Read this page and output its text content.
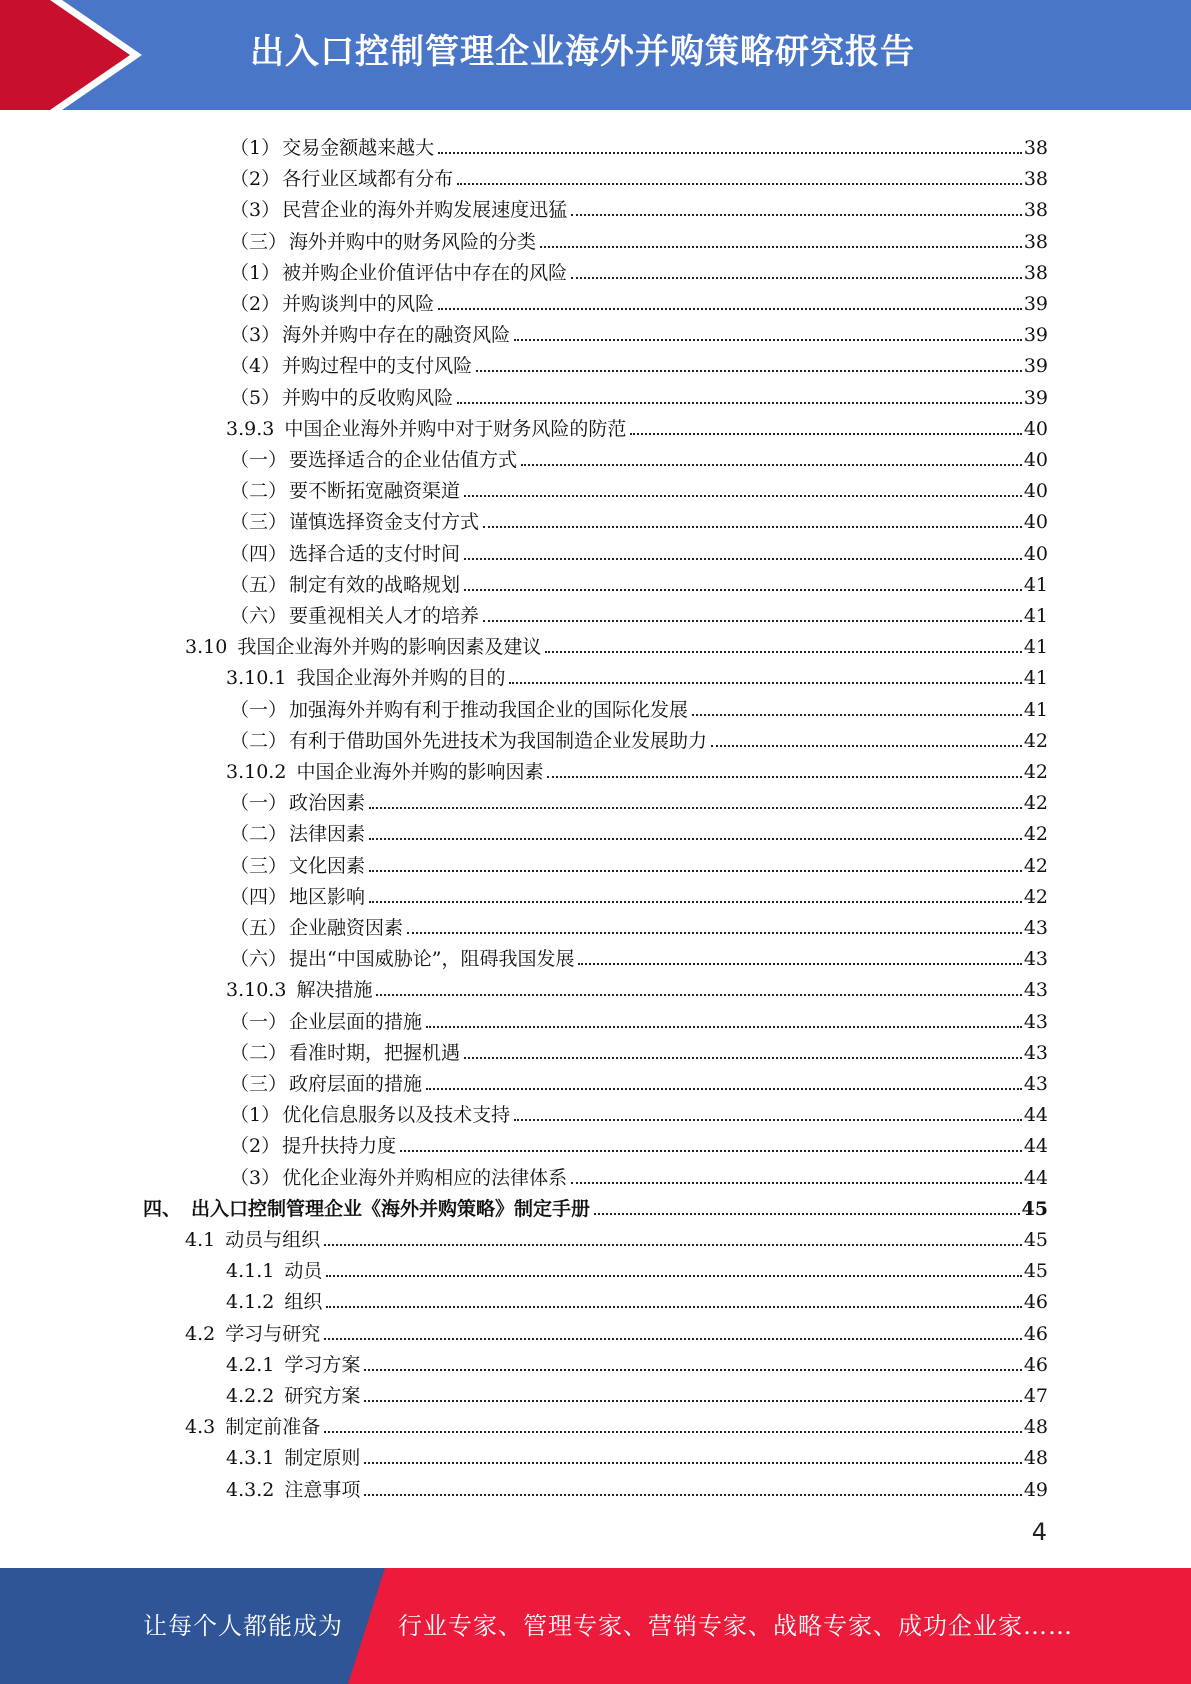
出入口控制管理企业海外并购策略研究报告
（1） 交易金额越来越大	38
（2） 各行业区域都有分布	38
（3） 民营企业的海外并购发展速度迅猛	38
（三） 海外并购中的财务风险的分类	38
（1） 被并购企业价值评估中存在的风险	38
（2） 并购谈判中的风险	39
（3） 海外并购中存在的融资风险	39
（4） 并购过程中的支付风险	39
（5） 并购中的反收购风险	39
3.9.3 中国企业海外并购中对于财务风险的防范	40
（一） 要选择适合的企业估值方式	40
（二） 要不断拓宽融资渠道	40
（三） 谨慎选择资金支付方式	40
（四） 选择合适的支付时间	40
（五） 制定有效的战略规划	41
（六） 要重视相关人才的培养	41
3.10 我国企业海外并购的影响因素及建议	41
3.10.1 我国企业海外并购的目的	41
（一） 加强海外并购有利于推动我国企业的国际化发展	41
（二） 有利于借助国外先进技术为我国制造企业发展助力	42
3.10.2 中国企业海外并购的影响因素	42
（一） 政治因素	42
（二） 法律因素	42
（三） 文化因素	42
（四） 地区影响	42
（五） 企业融资因素	43
（六） 提出“中国威胁论”，阻碍我国发展	43
3.10.3 解决措施	43
（一） 企业层面的措施	43
（二） 看准时期，把握机遇	43
（三） 政府层面的措施	43
（1） 优化信息服务以及技术支持	44
（2） 提升扶持力度	44
（3） 优化企业海外并购相应的法律体系	44
四、 出入口控制管理企业《海外并购策略》制定手册	45
4.1 动员与组织	45
4.1.1 动员	45
4.1.2 组织	46
4.2 学习与研究	46
4.2.1 学习方案	46
4.2.2 研究方案	47
4.3 制定前准备	48
4.3.1 制定原则	48
4.3.2 注意事项	49
4
让每个人都能成为 行业专家、管理专家、营销专家、战略专家、成功企业家……
